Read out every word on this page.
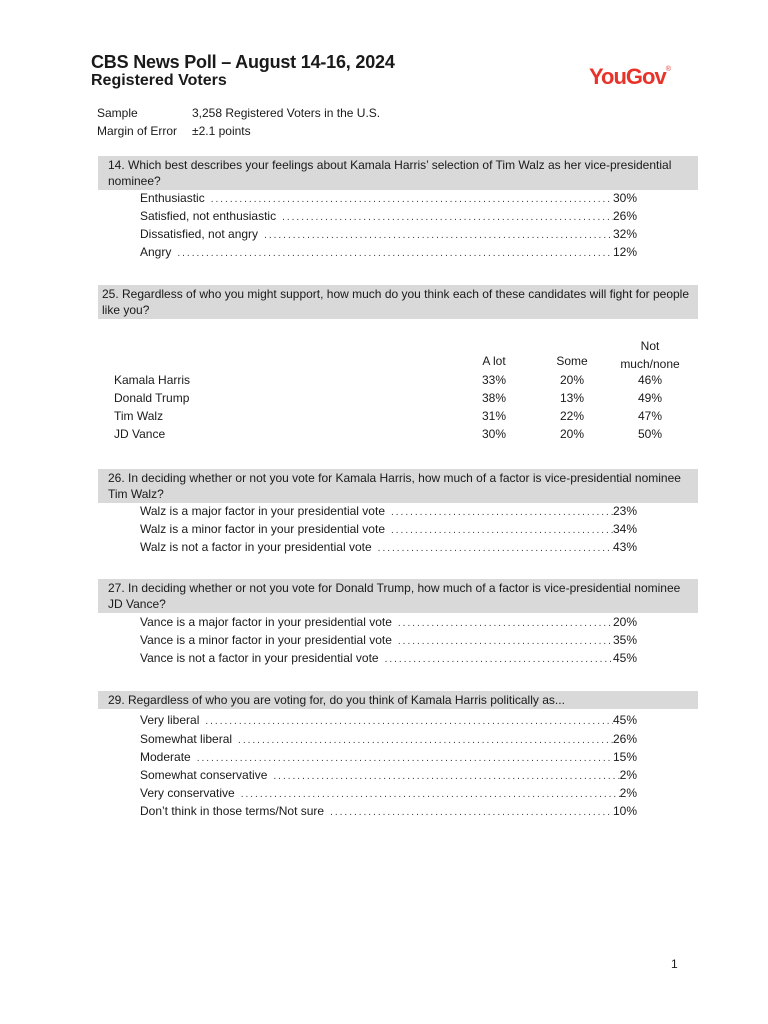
CBS News Poll – August 14-16, 2024
Registered Voters	YouGov®
Sample	3,258 Registered Voters in the U.S.
Margin of Error ±2.1 points
14. Which best describes your feelings about Kamala Harris’ selection of Tim Walz as her vice-presidential nominee?
Enthusiastic .....	30%
Satisfied, not enthusiastic .....	26%
Dissatisfied, not angry .....	32%
Angry .....	12%
25. Regardless of who you might support, how much do you think each of these candidates will fight for people like you?
A lot	Some
Not
much/none
Kamala Harris	33%	20%	46%
Donald Trump	38%	13%	49%
Tim Walz	31%	22%	47%
JD Vance	30%	20%	50%
26. In deciding whether or not you vote for Kamala Harris, how much of a factor is vice-presidential nominee Tim Walz?
Walz is a major factor in your presidential vote .....	23%
Walz is a minor factor in your presidential vote .....	34%
Walz is not a factor in your presidential vote .....	43%
27. In deciding whether or not you vote for Donald Trump, how much of a factor is vice-presidential nominee JD Vance?
Vance is a major factor in your presidential vote .....	20%
Vance is a minor factor in your presidential vote .....	35%
Vance is not a factor in your presidential vote .....	45%
29. Regardless of who you are voting for, do you think of Kamala Harris politically as...
Very liberal .....	45%
Somewhat liberal .....	26%
Moderate .....	15%
Somewhat conservative .....	2%
Very conservative .....	2%
Don’t think in those terms/Not sure .....	10%
1
